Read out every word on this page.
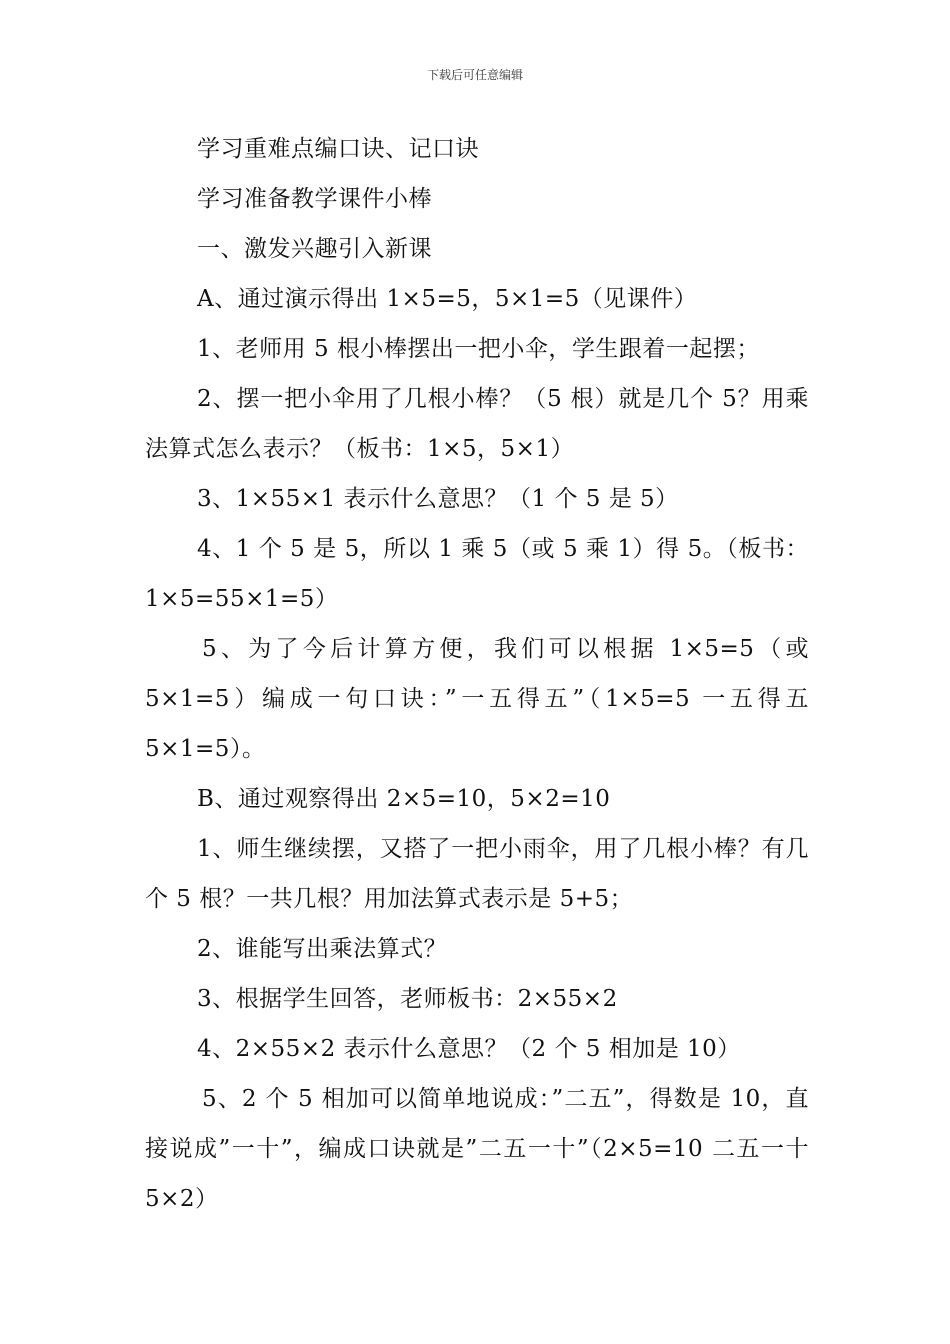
下载后可任意编辑

学习重难点编口诀、记口诀

学习准备教学课件小棒

一、激发兴趣引入新课

A、通过演示得出 1×5=5，5×1=5（见课件）

1、老师用 5 根小棒摆出一把小伞，学生跟着一起摆；

2、摆一把小伞用了几根小棒？（5 根）就是几个 5？用乘法算式怎么表示？（板书：1×5，5×1）

3、1×55×1 表示什么意思？（1 个 5 是 5）

4、1 个 5 是 5，所以 1 乘 5（或 5 乘 1）得 5。（板书：1×5=55×1=5）

5、为了今后计算方便，我们可以根据 1×5=5（或 5×1=5）编成一句口诀：”一五得五”（1×5=5 一五得五 5×1=5）。

B、通过观察得出 2×5=10，5×2=10

1、师生继续摆，又搭了一把小雨伞，用了几根小棒？有几个 5 根？一共几根？用加法算式表示是 5+5；

2、谁能写出乘法算式？

3、根据学生回答，老师板书：2×55×2

4、2×55×2 表示什么意思？（2 个 5 相加是 10）

5、2 个 5 相加可以简单地说成：”二五”，得数是 10，直接说成”一十”，编成口诀就是”二五一十”（2×5=10 二五一十 5×2）
